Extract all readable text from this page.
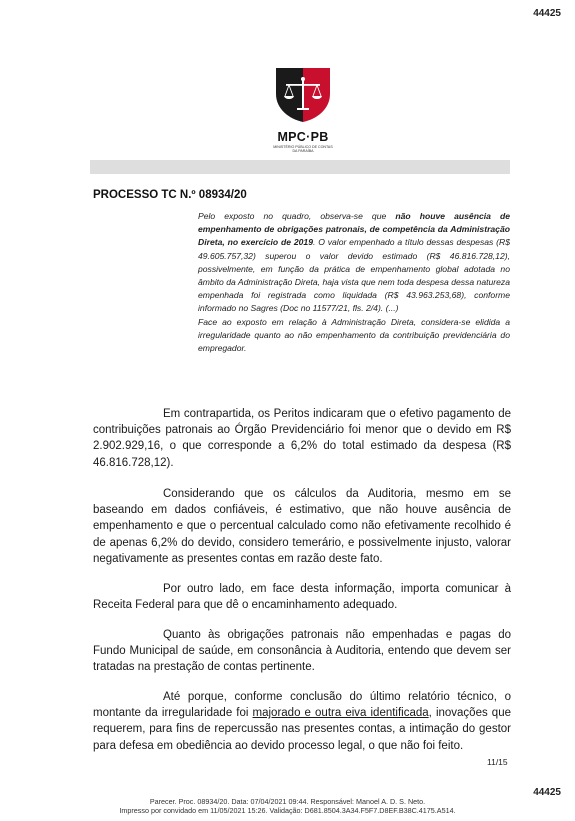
44425
MPC·PB
MINISTÉRIO PÚBLICO DE CONTAS
DA PARAÍBA
PROCESSO TC N.º 08934/20

Pelo exposto no quadro, observa-se que não houve ausência de empenhamento de obrigações patronais, de competência da Administração Direta, no exercício de 2019. O valor empenhado a título dessas despesas (R$ 49.605.757,32) superou o valor devido estimado (R$ 46.816.728,12), possivelmente, em função da prática de empenhamento global adotada no âmbito da Administração Direta, haja vista que nem toda despesa dessa natureza empenhada foi registrada como liquidada (R$ 43.963.253,68), conforme informado no Sagres (Doc no 11577/21, fls. 2/4). (...)

Face ao exposto em relação à Administração Direta, considera-se elidida a irregularidade quanto ao não empenhamento da contribuição previdenciária do empregador.

Em contrapartida, os Peritos indicaram que o efetivo pagamento de contribuições patronais ao Órgão Previdenciário foi menor que o devido em R$ 2.902.929,16, o que corresponde a 6,2% do total estimado da despesa (R$ 46.816.728,12).

Considerando que os cálculos da Auditoria, mesmo em se baseando em dados confiáveis, é estimativo, que não houve ausência de empenhamento e que o percentual calculado como não efetivamente recolhido é de apenas 6,2% do devido, considero temerário, e possivelmente injusto, valorar negativamente as presentes contas em razão deste fato.

Por outro lado, em face desta informação, importa comunicar à Receita Federal para que dê o encaminhamento adequado.

Quanto às obrigações patronais não empenhadas e pagas do Fundo Municipal de saúde, em consonância à Auditoria, entendo que devem ser tratadas na prestação de contas pertinente.

Até porque, conforme conclusão do último relatório técnico, o montante da irregularidade foi majorado e outra eiva identificada, inovações que requerem, para fins de repercussão nas presentes contas, a intimação do gestor para defesa em obediência ao devido processo legal, o que não foi feito.

11/15
44425
Parecer. Proc. 08934/20. Data: 07/04/2021 09:44. Responsável: Manoel A. D. S. Neto.
Impresso por convidado em 11/05/2021 15:26. Validação: D681.8504.3A34.F5F7.D8EF.B38C.4175.A514.
